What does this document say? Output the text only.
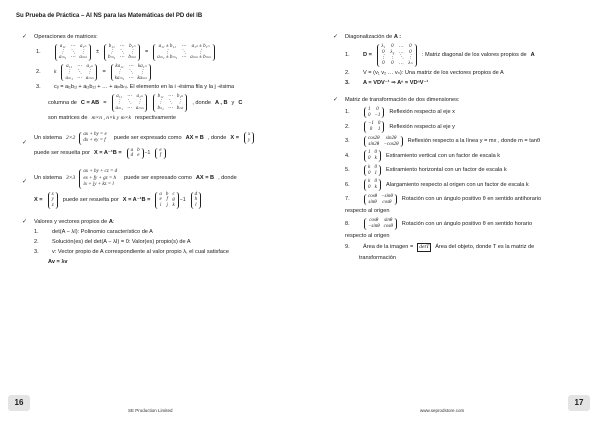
Su Prueba de Práctica – AI NS para las Matemáticas del PD del IB
✓ Operaciones de matrices:
1.
a₁₁ ⋯ a₁ₙ
⋮ ⋱ ⋮
aₘ₁ ⋯ aₘₙ
±
b₁₁ ⋯ b₁ₙ
⋮ ⋱ ⋮
bₘ₁ ⋯ bₘₙ
=
a₁₁ ± b₁₁ ⋯ a₁ₙ ± b₁ₙ
⋮	⋱	⋮
aₘ₁ ± bₘ₁ ⋯ aₘₙ ± bₘₙ
2.	k
a₁₁ ⋯ a₁ₙ
⋮ ⋱ ⋮
aₘ₁ ⋯ aₘₙ
=
ka₁₁ ⋯ ka₁ₙ
⋮	⋱	⋮
kaₘ₁ ⋯ kaₘₙ
3.	cᵢⱼ = aᵢ₁b₁ⱼ + aᵢ₂b₂ⱼ + … + aᵢₙbₙⱼ. El elemento en la i -ésima fila y la j -ésima
columna de C = AB =
a₁₁ ⋯ a₁ₙ
⋮ ⋱ ⋮
aₘ₁ ⋯ aₘₙ
b₁₁ ⋯ b₁ₖ
⋮ ⋱ ⋮
bₙ₁ ⋯ bₙₖ
, donde A , B y C
son matrices de m×n , n×k y m×k respectivamente
✓
Un sistema 2×2
ax + by = e
dx + ey = f puede ser expresado como AX = B , donde X = x
y
puede ser resuelta por X = A⁻¹B = a b
d e −1
e
f
✓
Un sistema 3×3
ax + by + cz = d
ex + fy + gz = h
ix + jy + kz = l
puede ser expresado como AX = B , donde
X =
x
y
z
puede ser resuelta por X = A⁻¹B =
a b c
e f g
i j k
−1
d
h
l
✓ Valores y vectores propios de A:
1.	det(A − λI): Polinomio característico de A
2.	Solución(es) del det(A − λI) = 0: Valor(es) propio(s) de A
3.	v: Vector propio de A correspondiente al valor propio λ, el cual satisface
Av = λv
✓ Diagonalización de A :
1.	D =
λ₁ 0 … 0
0 λ₂ … 0
⋮ ⋮ ⋱ ⋮
0 0 … λₙ
: Matriz diagonal de los valores propios de A
2.	V = (v₁ v₂ … vₙ): Una matriz de los vectores propios de A
3.	A = VDV⁻¹ ⇒ Aⁿ = VDⁿV⁻¹
✓ Matriz de transformación de dos dimensiones:
1.	1	0
0 −1 Reflexión respecto al eje x
2.	−1 0
0	1 Reflexión respecto al eje y
3.	cos2θ	sin2θ
sin2θ −cos2θ Reflexión respecto a la línea y = mx , donde m = tanθ
4.	1 0
0 k Estiramiento vertical con un factor de escala k
5.	k 0
0 1 Estiramiento horizontal con un factor de escala k
6.	k 0
0 k Alargamiento respecto al origen con un factor de escala k
7.	cosθ −sinθ
sinθ cosθ Rotación con un ángulo positivo θ en sentido antihorario
respecto al origen
8.	cosθ sinθ
−sinθ cosθ Rotación con un ángulo positivo θ en sentido horario
respecto al origen
9.	Área de la imagen =	detT	Área del objeto, donde T es la matriz de
transformación
16	17
SE Production Limited	www.seprodstore.com
